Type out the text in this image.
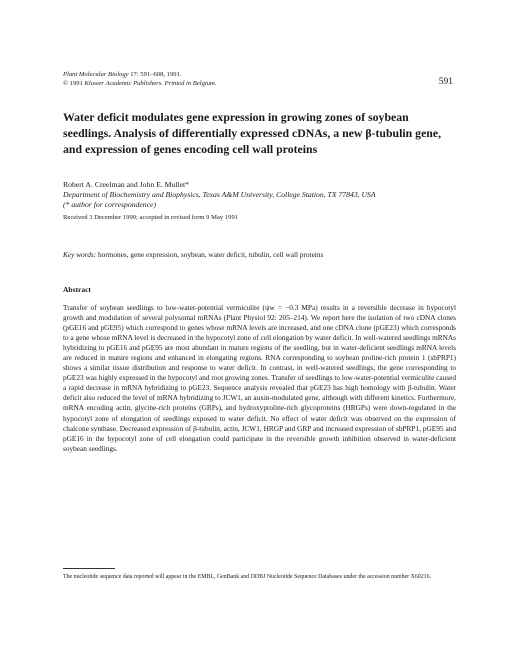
Plant Molecular Biology 17: 591–608, 1991.
© 1991 Kluwer Academic Publishers. Printed in Belgium.	591
Water deficit modulates gene expression in growing zones of soybean seedlings. Analysis of differentially expressed cDNAs, a new β-tubulin gene, and expression of genes encoding cell wall proteins
Robert A. Creelman and John E. Mullet*
Department of Biochemistry and Biophysics, Texas A&M University, College Station, TX 77843, USA
(* author for correspondence)
Received 3 December 1990; accepted in revised form 9 May 1991
Key words: hormones, gene expression, soybean, water deficit, tubulin, cell wall proteins
Abstract

Transfer of soybean seedlings to low-water-potential vermiculite (ψw = −0.3 MPa) results in a reversible decrease in hypocotyl growth and modulation of several polysomal mRNAs (Plant Physiol 92: 205–214). We report here the isolation of two cDNA clones (pGE16 and pGE95) which correspond to genes whose mRNA levels are increased, and one cDNA clone (pGE23) which corresponds to a gene whose mRNA level is decreased in the hypocotyl zone of cell elongation by water deficit. In well-watered seedlings mRNAs hybridizing to pGE16 and pGE95 are most abundant in mature regions of the seedling, but in water-deficient seedlings mRNA levels are reduced in mature regions and enhanced in elongating regions. RNA corresponding to soybean proline-rich protein 1 (sbPRP1) shows a similar tissue distribution and response to water deficit. In contrast, in well-watered seedlings, the gene corresponding to pGE23 was highly expressed in the hypocotyl and root growing zones. Transfer of seedlings to low-water-potential vermiculite caused a rapid decrease in mRNA hybridizing to pGE23. Sequence analysis revealed that pGE23 has high homology with β-tubulin. Water deficit also reduced the level of mRNA hybridizing to JCW1, an auxin-modulated gene, although with different kinetics. Furthermore, mRNA encoding actin, glycine-rich proteins (GRPs), and hydroxyproline-rich glycoproteins (HRGPs) were down-regulated in the hypocotyl zone of elongation of seedlings exposed to water deficit. No effect of water deficit was observed on the expression of chalcone synthase. Decreased expression of β-tubulin, actin, JCW1, HRGP and GRP and increased expression of sbPRP1, pGE95 and pGE16 in the hypocotyl zone of cell elongation could participate in the reversible growth inhibition observed in water-deficient soybean seedlings.

The nucleotide sequence data reported will appear in the EMBL, GenBank and DDBJ Nucleotide Sequence Databases under the accession number X60216.
